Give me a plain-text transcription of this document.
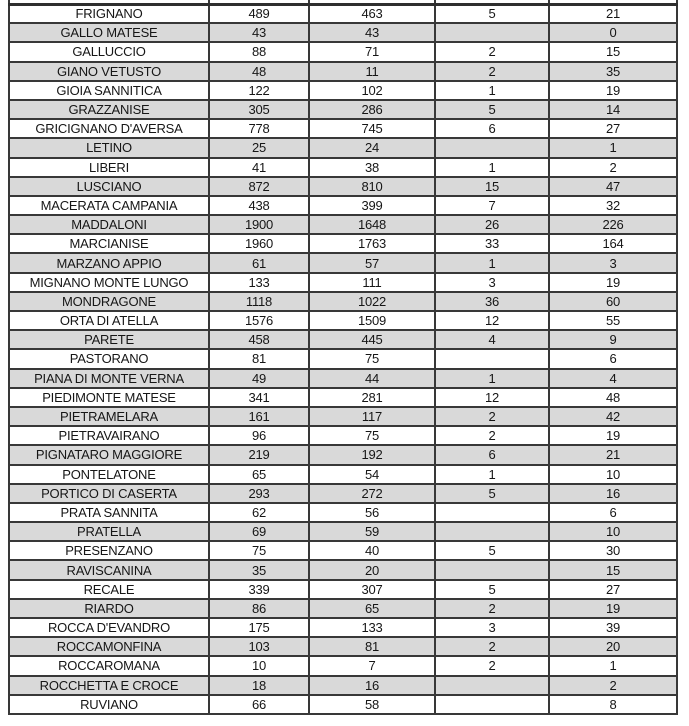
FRIGNANO	489	463	5	21
GALLO MATESE	43	43		0
GALLUCCIO	88	71	2	15
GIANO VETUSTO	48	11	2	35
GIOIA SANNITICA	122	102	1	19
GRAZZANISE	305	286	5	14
GRICIGNANO D'AVERSA	778	745	6	27
LETINO	25	24		1
LIBERI	41	38	1	2
LUSCIANO	872	810	15	47
MACERATA CAMPANIA	438	399	7	32
MADDALONI	1900	1648	26	226
MARCIANISE	1960	1763	33	164
MARZANO APPIO	61	57	1	3
MIGNANO MONTE LUNGO	133	111	3	19
MONDRAGONE	1118	1022	36	60
ORTA DI ATELLA	1576	1509	12	55
PARETE	458	445	4	9
PASTORANO	81	75		6
PIANA DI MONTE VERNA	49	44	1	4
PIEDIMONTE MATESE	341	281	12	48
PIETRAMELARA	161	117	2	42
PIETRAVAIRANO	96	75	2	19
PIGNATARO MAGGIORE	219	192	6	21
PONTELATONE	65	54	1	10
PORTICO DI CASERTA	293	272	5	16
PRATA SANNITA	62	56		6
PRATELLA	69	59		10
PRESENZANO	75	40	5	30
RAVISCANINA	35	20		15
RECALE	339	307	5	27
RIARDO	86	65	2	19
ROCCA D'EVANDRO	175	133	3	39
ROCCAMONFINA	103	81	2	20
ROCCAROMANA	10	7	2	1
ROCCHETTA E CROCE	18	16		2
RUVIANO	66	58		8
